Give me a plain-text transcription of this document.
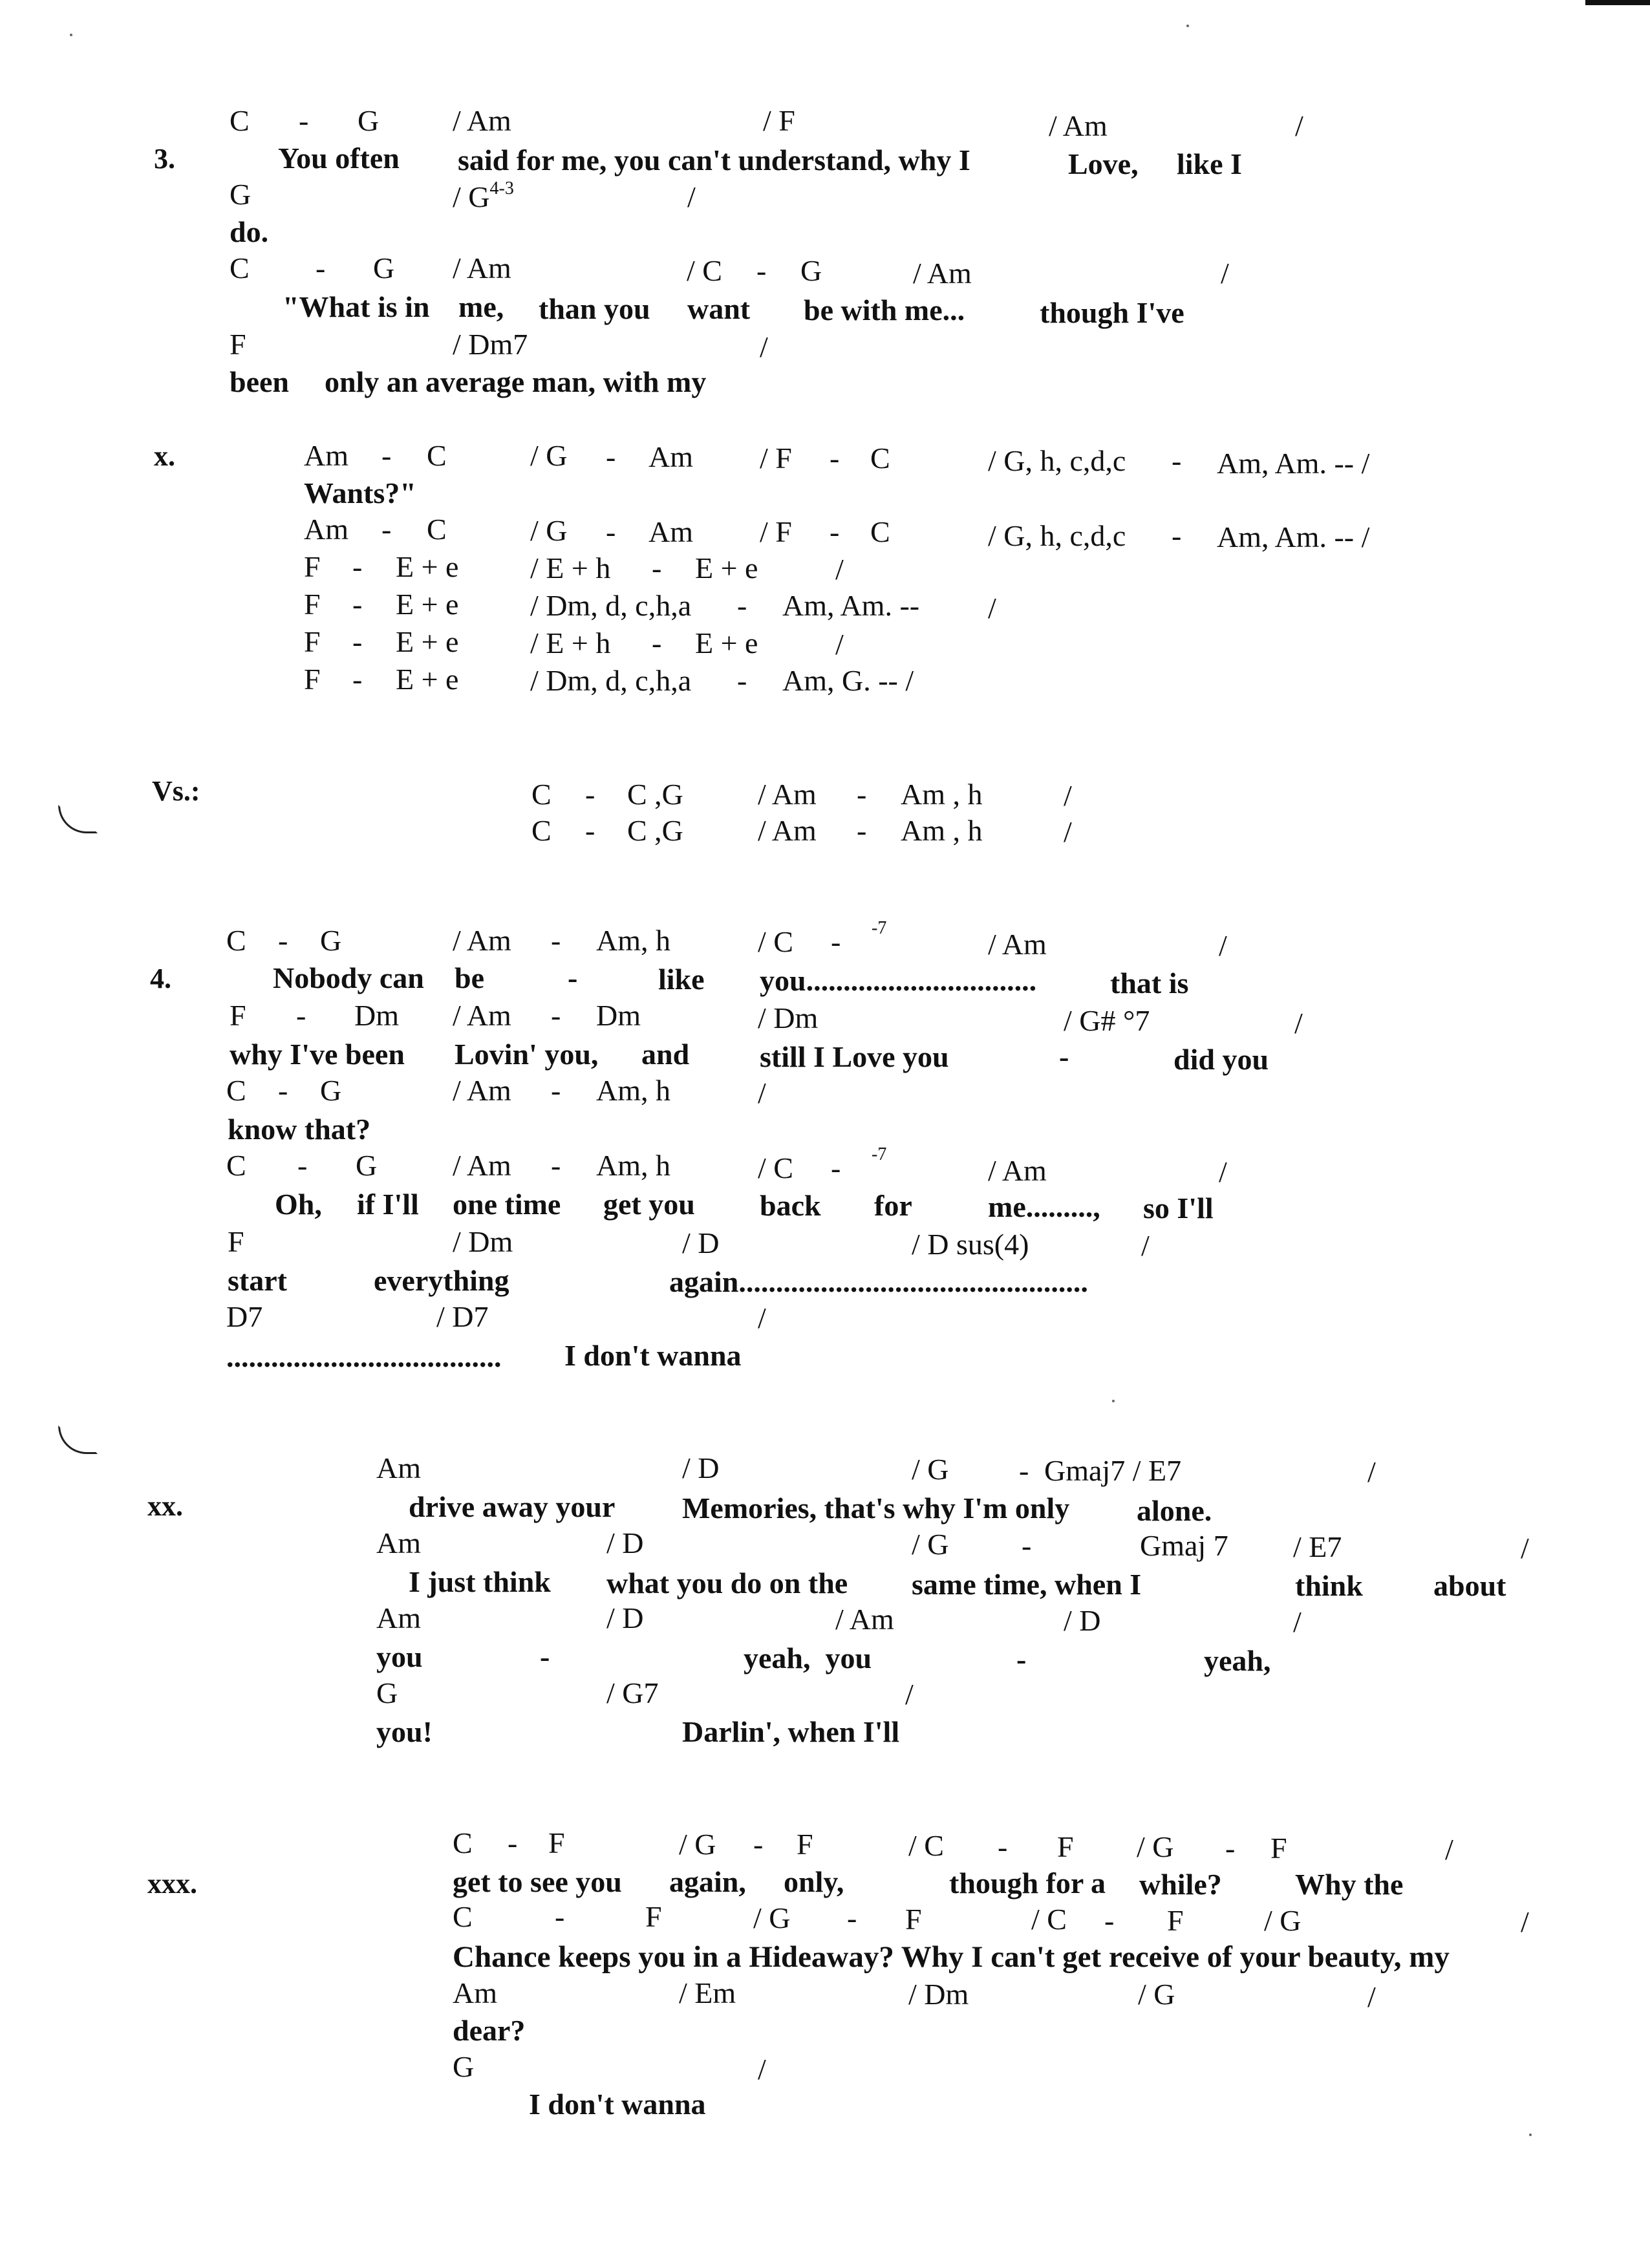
3.
C - G / Am	/ F	/ Am	/
You often said for me, you can't understand, why I	Love, like I
G	/ $G^{4-3}$	/
do.
C - G / Am	/ C - G	/ Am	/
"What is in me, than you want be with me...	though I've
F	/ Dm7	/
been only an average man, with my
x.	Am - C	/ G - Am / F - C	/ G, h, c,d,c - Am, Am. -- /
Wants?"
Am - C	/ G - Am / F - C	/ G, h, c,d,c - Am, Am. -- /
F - E + e / E + h - E + e	/
F - E + e / Dm, d, c,h,a - Am, Am. -- /
F - E + e / E + h - E + e	/
F - E + e / Dm, d, c,h,a - Am, G. -- /
Vs.:	C - C ,G	/ Am - Am , h	/
C - C ,G	/ Am - Am , h	/
4.
C - G	/ Am - Am, h	/ C - -7	/ Am	/
Nobody can be	-	like you............................... that is
F - Dm / Am - Dm	/ Dm	/ G# °7	/
why I've been Lovin' you, and still I Love you	-	did you
C - G	/ Am - Am, h	/
know that?
C - G	/ Am - Am, h	/ C - -7	/ Am	/
Oh, if I'll one time get you back for	me........., so I'll
F	/ Dm	/ D	/ D sus(4)	/
start	everything	again...............................................
D7	/ D7	/
..................................... I don't wanna
xx.
Am	/ D	/ G - Gmaj7 / E7	/
drive away your Memories, that's why I'm only alone.
Am	/ D	/ G -	Gmaj 7 / E7	/
I just think what you do on the same time, when I	think about
Am	/ D	/ Am	/ D	/
you	-	yeah,  you	-	yeah,
G	/ G7	/
you!	Darlin', when I'll
xxx.
C - F	/ G - F	/ C - F / G - F	/
get to see you again, only,	though for a while? Why the
C	-	F	/ G - F	/ C - F	/ G	/
Chance keeps you in a Hideaway? Why I can't get receive of your beauty, my
Am	/ Em	/ Dm	/ G	/
dear?
G	/
I don't wanna
